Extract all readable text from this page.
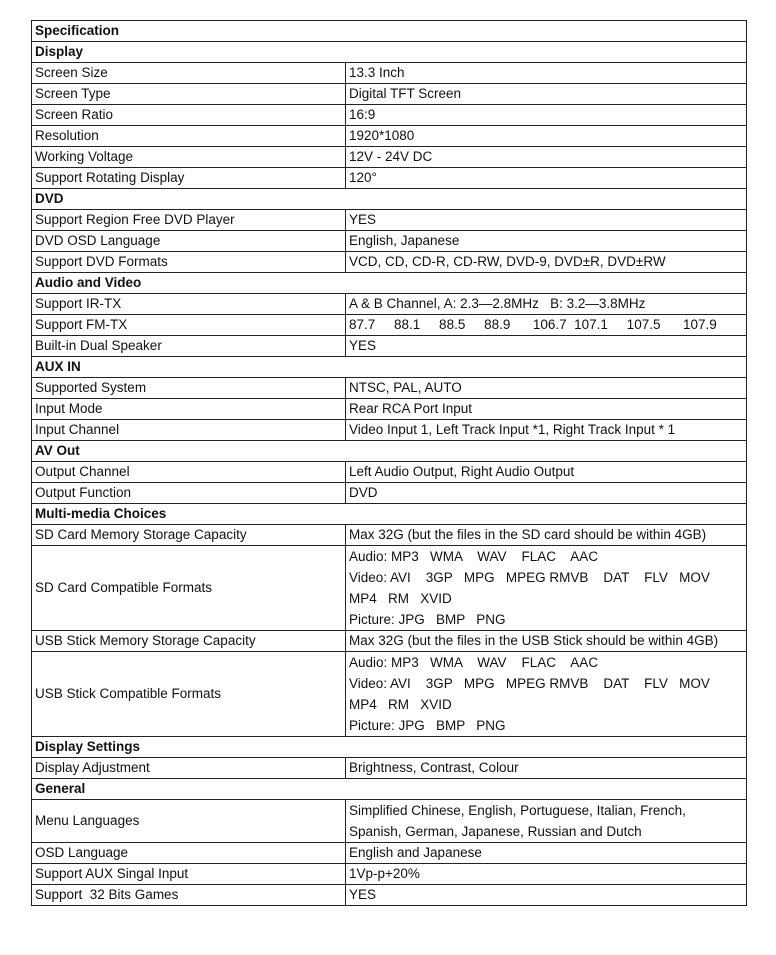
Specification	
Display	
Screen Size	13.3 Inch
Screen Type	Digital TFT Screen
Screen Ratio	16:9
Resolution	1920*1080
Working Voltage	12V - 24V DC
Support Rotating Display	120°
DVD	
Support Region Free DVD Player	YES
DVD OSD Language	English, Japanese
Support DVD Formats	VCD, CD, CD-R, CD-RW, DVD-9, DVD±R, DVD±RW
Audio and Video	
Support IR-TX	A & B Channel, A: 2.3—2.8MHz   B: 3.2—3.8MHz
Support FM-TX	87.7     88.1     88.5     88.9      106.7  107.1     107.5      107.9
Built-in Dual Speaker	YES
AUX IN	
Supported System	NTSC, PAL, AUTO
Input Mode	Rear RCA Port Input
Input Channel	Video Input 1, Left Track Input *1, Right Track Input * 1
AV Out	
Output Channel	Left Audio Output, Right Audio Output
Output Function	DVD
Multi-media Choices	
SD Card Memory Storage Capacity	Max 32G (but the files in the SD card should be within 4GB)
SD Card Compatible Formats	Audio: MP3   WMA    WAV    FLAC    AAC
Video: AVI    3GP   MPG   MPEG RMVB    DAT    FLV   MOV
MP4   RM   XVID
Picture: JPG   BMP   PNG

USB Stick Memory Storage Capacity	Max 32G (but the files in the USB Stick should be within 4GB)
USB Stick Compatible Formats	Audio: MP3   WMA    WAV    FLAC    AAC
Video: AVI    3GP   MPG   MPEG RMVB    DAT    FLV   MOV
MP4   RM   XVID
Picture: JPG   BMP   PNG

Display Settings	
Display Adjustment	Brightness, Contrast, Colour
General	
Menu Languages	Simplified Chinese, English, Portuguese, Italian, French,
Spanish, German, Japanese, Russian and Dutch

OSD Language	English and Japanese
Support AUX Singal Input	1Vp-p+20%
Support  32 Bits Games	YES
